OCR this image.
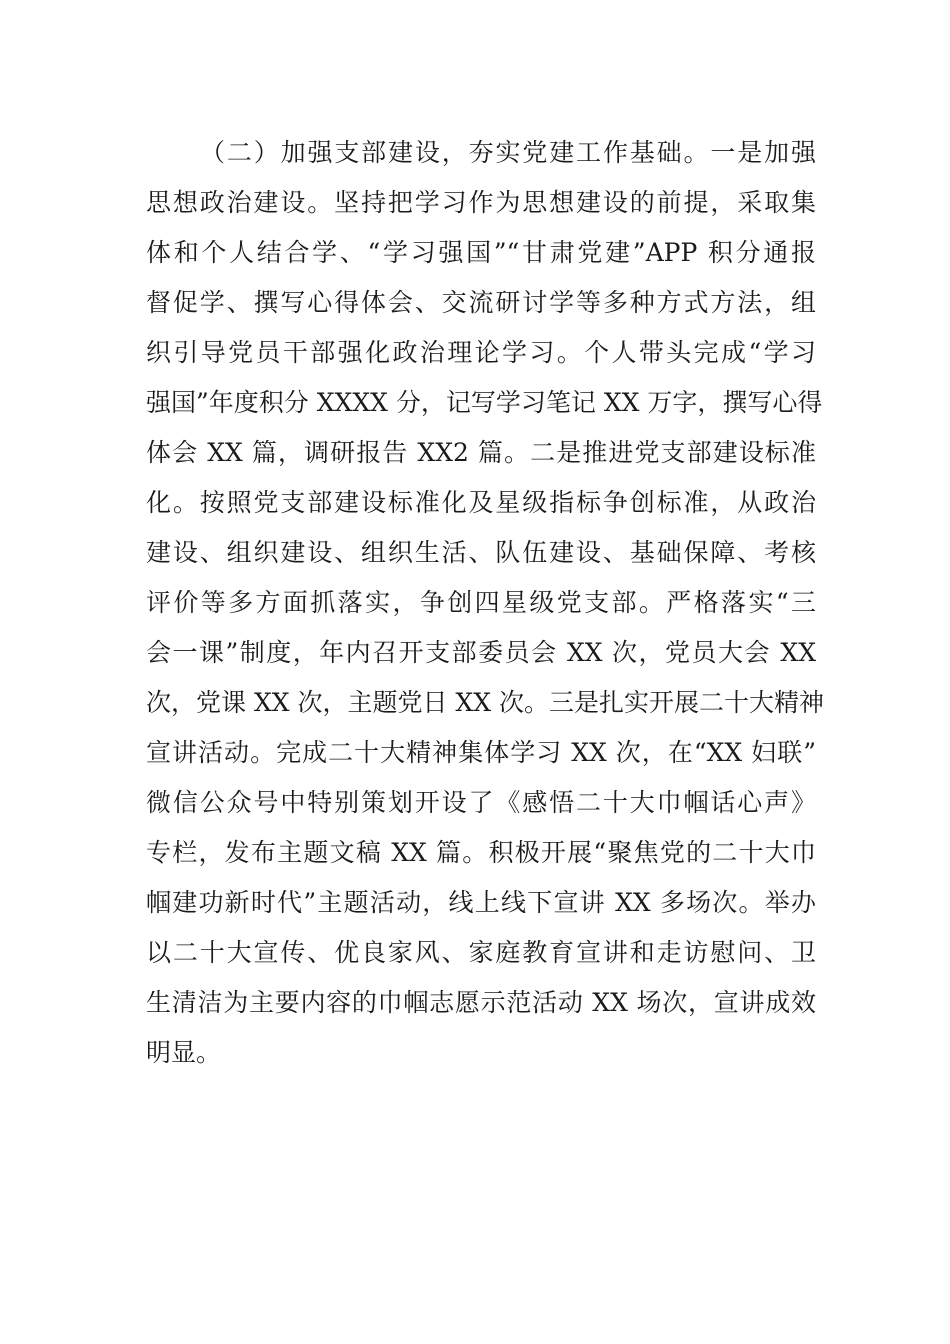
（二）加强支部建设，夯实党建工作基础。一是加强
思想政治建设。坚持把学习作为思想建设的前提，采取集
体和个人结合学、“学习强国”“甘肃党建”APP 积分通报
督促学、撰写心得体会、交流研讨学等多种方式方法，组
织引导党员干部强化政治理论学习。个人带头完成“学习
强国”年度积分 XXXX 分，记写学习笔记 XX 万字，撰写心得
体会 XX 篇，调研报告 XX2 篇。二是推进党支部建设标准
化。按照党支部建设标准化及星级指标争创标准，从政治
建设、组织建设、组织生活、队伍建设、基础保障、考核
评价等多方面抓落实，争创四星级党支部。严格落实“三
会一课”制度，年内召开支部委员会 XX 次，党员大会 XX
次，党课 XX 次，主题党日 XX 次。三是扎实开展二十大精神
宣讲活动。完成二十大精神集体学习 XX 次，在“XX 妇联”
微信公众号中特别策划开设了《感悟二十大巾帼话心声》
专栏，发布主题文稿 XX 篇。积极开展“聚焦党的二十大巾
帼建功新时代”主题活动，线上线下宣讲 XX 多场次。举办
以二十大宣传、优良家风、家庭教育宣讲和走访慰问、卫
生清洁为主要内容的巾帼志愿示范活动 XX 场次，宣讲成效
明显。
